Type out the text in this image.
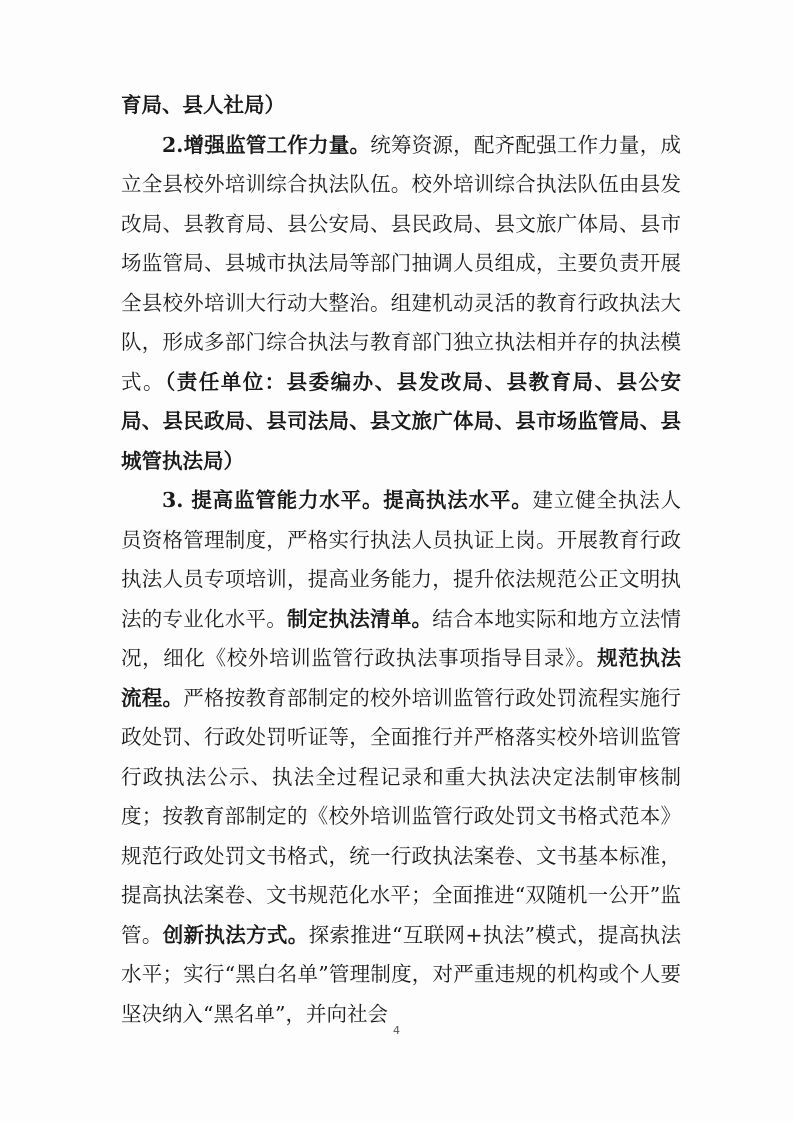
育局、县人社局）

2.增强监管工作力量。统筹资源，配齐配强工作力量，成立全县校外培训综合执法队伍。校外培训综合执法队伍由县发改局、县教育局、县公安局、县民政局、县文旅广体局、县市场监管局、县城市执法局等部门抽调人员组成，主要负责开展全县校外培训大行动大整治。组建机动灵活的教育行政执法大队，形成多部门综合执法与教育部门独立执法相并存的执法模式。（责任单位：县委编办、县发改局、县教育局、县公安局、县民政局、县司法局、县文旅广体局、县市场监管局、县城管执法局）

3. 提高监管能力水平。提高执法水平。建立健全执法人员资格管理制度，严格实行执法人员执证上岗。开展教育行政执法人员专项培训，提高业务能力，提升依法规范公正文明执法的专业化水平。制定执法清单。结合本地实际和地方立法情况，细化《校外培训监管行政执法事项指导目录》。规范执法流程。严格按教育部制定的校外培训监管行政处罚流程实施行政处罚、行政处罚听证等，全面推行并严格落实校外培训监管行政执法公示、执法全过程记录和重大执法决定法制审核制度；按教育部制定的《校外培训监管行政处罚文书格式范本》规范行政处罚文书格式，统一行政执法案卷、文书基本标准，提高执法案卷、文书规范化水平；全面推进“双随机一公开”监管。创新执法方式。探索推进“互联网+执法”模式，提高执法水平；实行“黑白名单”管理制度，对严重违规的机构或个人要坚决纳入“黑名单”，并向社会

4
